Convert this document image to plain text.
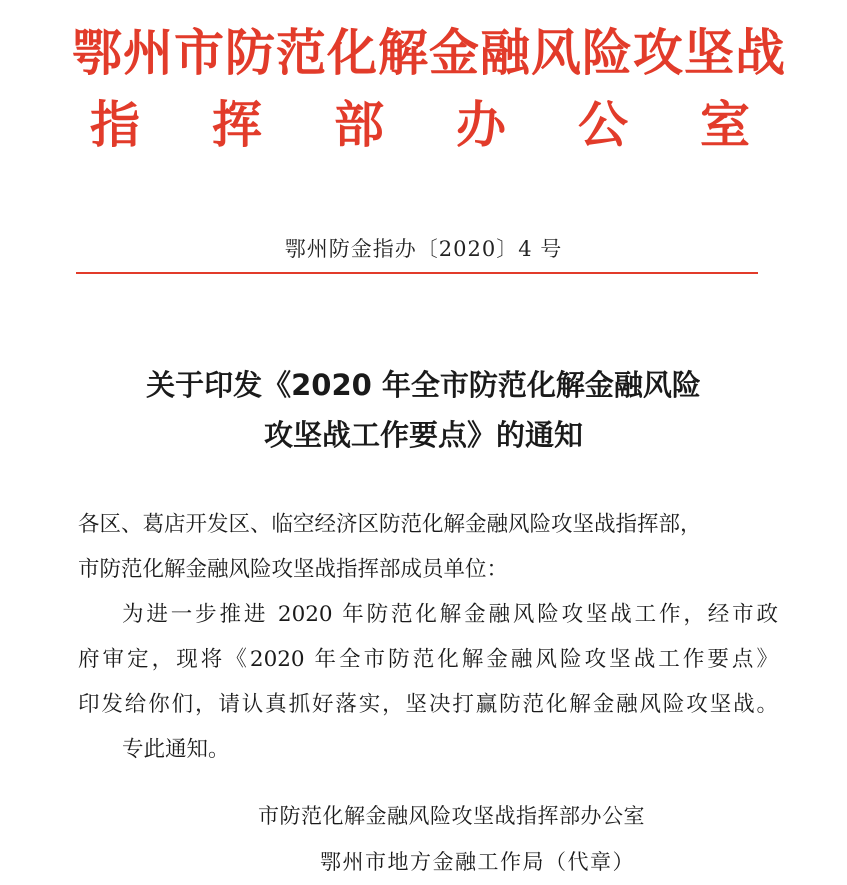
鄂州市防范化解金融风险攻坚战
指 挥 部 办 公 室
鄂州防金指办〔2020〕4 号
关于印发《2020 年全市防范化解金融风险
攻坚战工作要点》的通知
各区、葛店开发区、临空经济区防范化解金融风险攻坚战指挥部，
市防范化解金融风险攻坚战指挥部成员单位：
为进一步推进 2020 年防范化解金融风险攻坚战工作，经市政
府审定，现将《2020 年全市防范化解金融风险攻坚战工作要点》
印发给你们，请认真抓好落实，坚决打赢防范化解金融风险攻坚战。
专此通知。
市防范化解金融风险攻坚战指挥部办公室
鄂州市地方金融工作局（代章）
